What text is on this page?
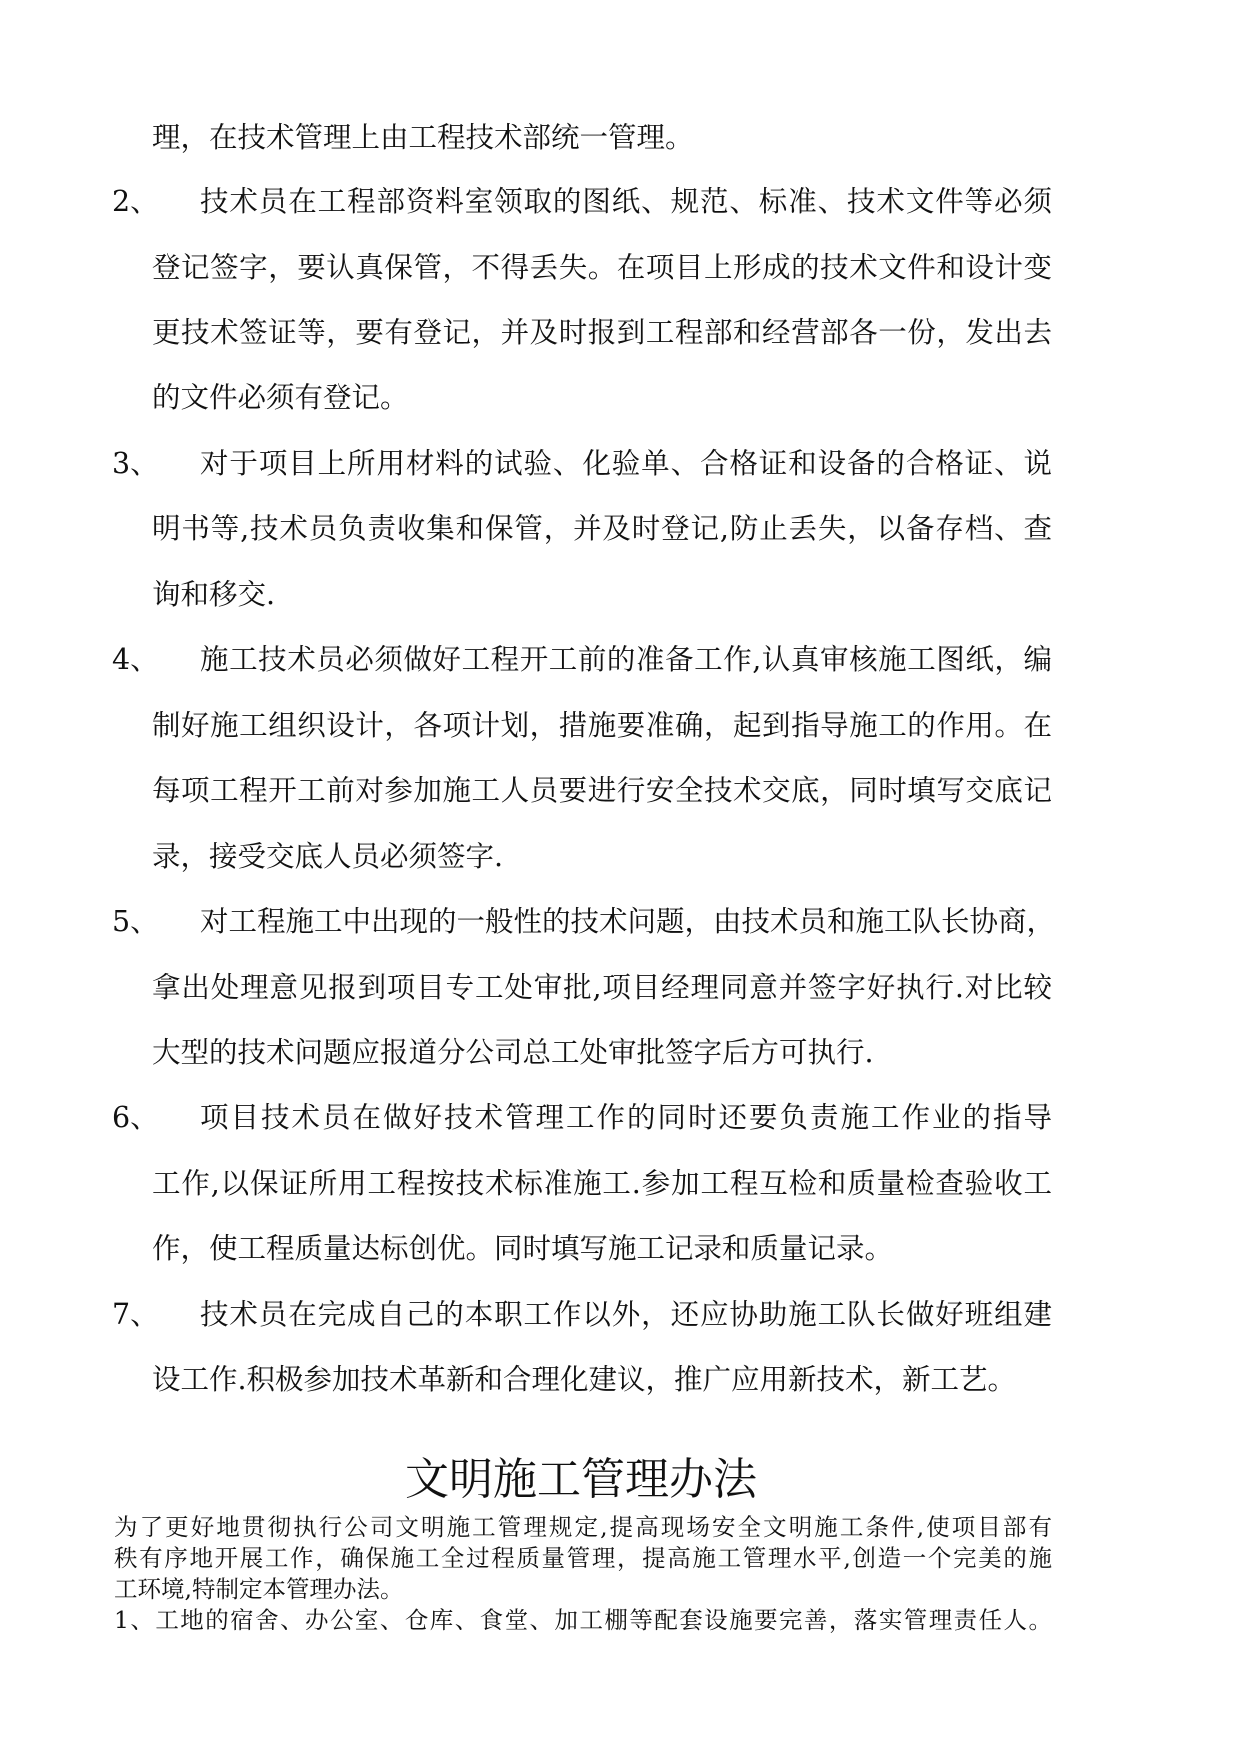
理，在技术管理上由工程技术部统一管理。
2、 技术员在工程部资料室领取的图纸、规范、标准、技术文件等必须
登记签字，要认真保管，不得丢失。在项目上形成的技术文件和设计变
更技术签证等，要有登记，并及时报到工程部和经营部各一份，发出去
的文件必须有登记。
3、 对于项目上所用材料的试验、化验单、合格证和设备的合格证、说
明书等,技术员负责收集和保管，并及时登记,防止丢失，以备存档、查
询和移交.
4、 施工技术员必须做好工程开工前的准备工作,认真审核施工图纸，编
制好施工组织设计，各项计划，措施要准确，起到指导施工的作用。在
每项工程开工前对参加施工人员要进行安全技术交底，同时填写交底记
录，接受交底人员必须签字.
5、 对工程施工中出现的一般性的技术问题，由技术员和施工队长协商，
拿出处理意见报到项目专工处审批,项目经理同意并签字好执行.对比较
大型的技术问题应报道分公司总工处审批签字后方可执行.
6、 项目技术员在做好技术管理工作的同时还要负责施工作业的指导
工作,以保证所用工程按技术标准施工.参加工程互检和质量检查验收工
作，使工程质量达标创优。同时填写施工记录和质量记录。
7、 技术员在完成自己的本职工作以外，还应协助施工队长做好班组建
设工作.积极参加技术革新和合理化建议，推广应用新技术，新工艺。
文明施工管理办法
为了更好地贯彻执行公司文明施工管理规定,提高现场安全文明施工条件,使项目部有
秩有序地开展工作，确保施工全过程质量管理，提高施工管理水平,创造一个完美的施
工环境,特制定本管理办法。
1、工地的宿舍、办公室、仓库、食堂、加工棚等配套设施要完善，落实管理责任人。
